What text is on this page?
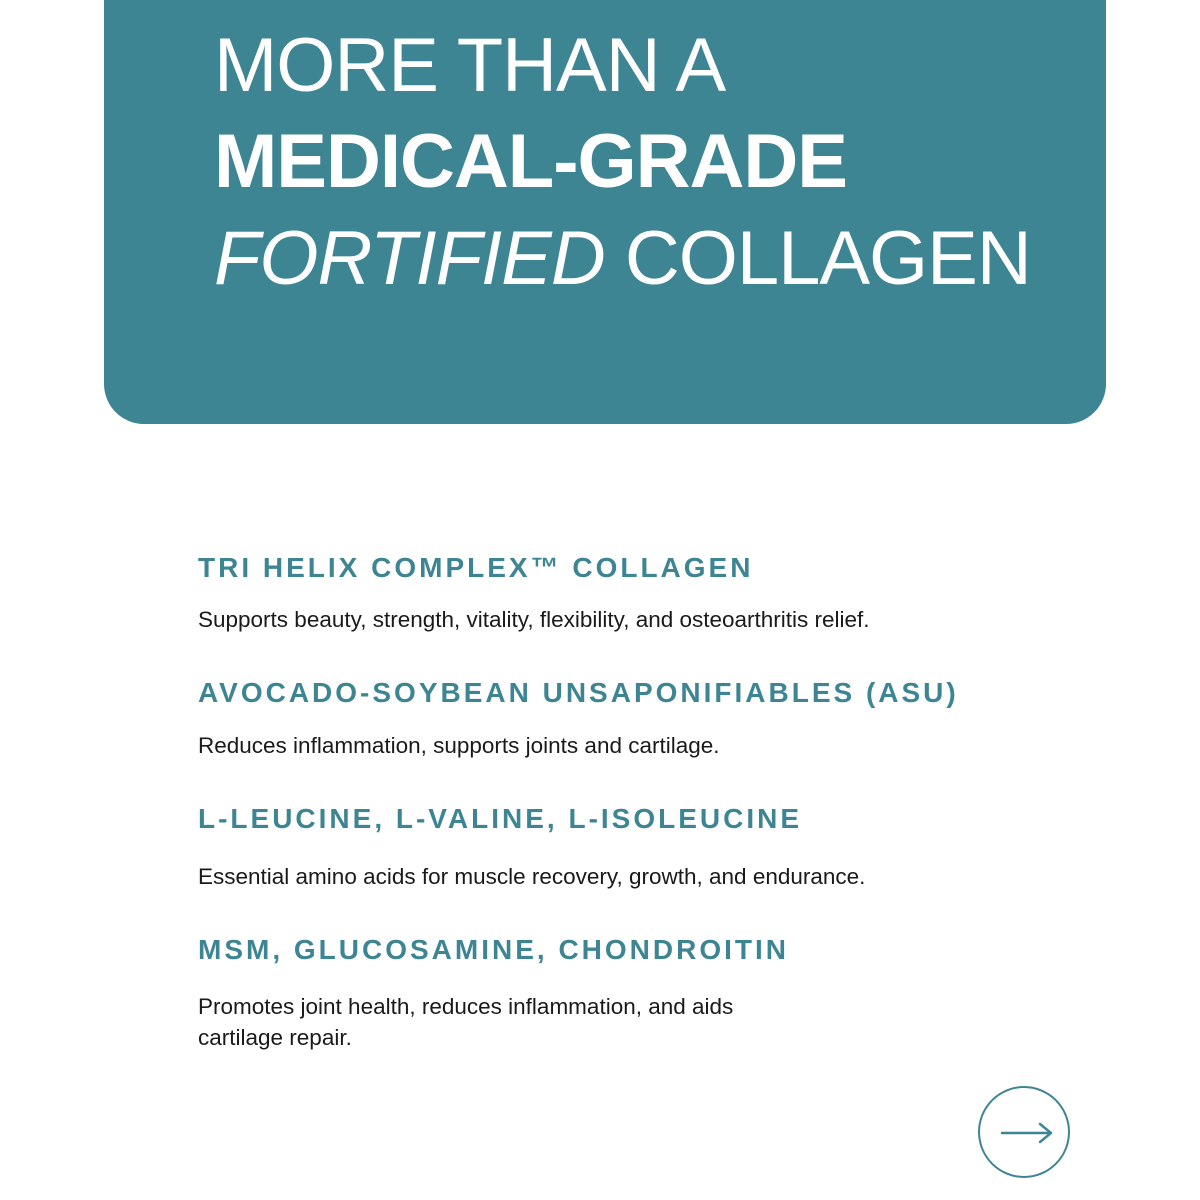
MORE THAN A
MEDICAL-GRADE
FORTIFIED COLLAGEN
TRI HELIX COMPLEX™ COLLAGEN

Supports beauty, strength, vitality, flexibility, and osteoarthritis relief.

AVOCADO-SOYBEAN UNSAPONIFIABLES (ASU)

Reduces inflammation, supports joints and cartilage.

L-LEUCINE, L-VALINE, L-ISOLEUCINE

Essential amino acids for muscle recovery, growth, and endurance.

MSM, GLUCOSAMINE, CHONDROITIN

Promotes joint health, reduces inflammation, and aids cartilage repair.
